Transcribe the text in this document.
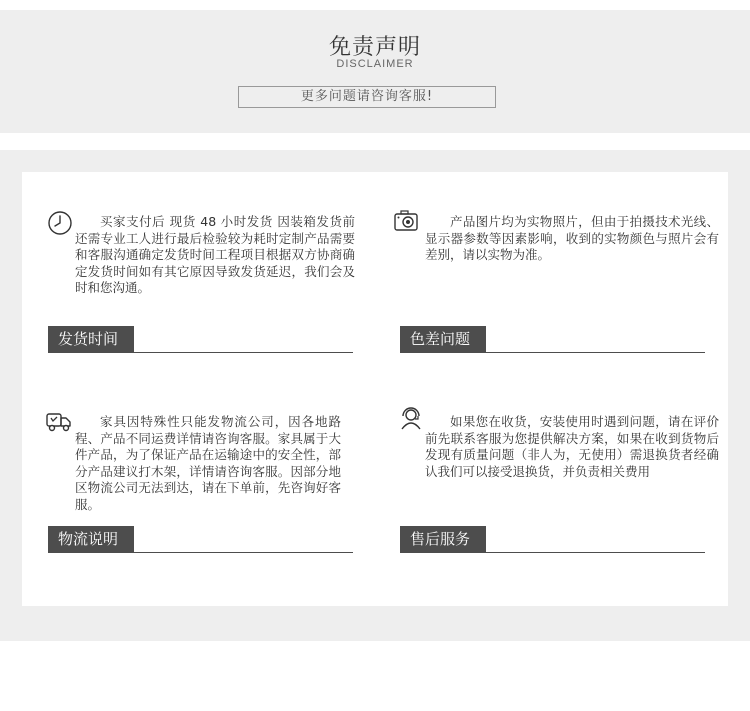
免责声明
DISCLAIMER
更多问题请咨询客服!
买家支付后 现货 48 小时发货 因装箱发货前还需专业工人进行最后检验较为耗时定制产品需要和客服沟通确定发货时间工程项目根据双方协商确定发货时间如有其它原因导致发货延迟，我们会及时和您沟通。
发货时间
产品图片均为实物照片，但由于拍摄技术光线、显示器参数等因素影响，收到的实物颜色与照片会有差别，请以实物为准。
色差问题
家具因特殊性只能发物流公司，因各地路程、产品不同运费详情请咨询客服。家具属于大件产品，为了保证产品在运输途中的安全性，部分产品建议打木架，详情请咨询客服。因部分地区物流公司无法到达，请在下单前，先咨询好客服。
物流说明
如果您在收货，安装使用时遇到问题，请在评价前先联系客服为您提供解决方案，如果在收到货物后发现有质量问题（非人为，无使用）需退换货者经确认我们可以接受退换货，并负责相关费用
售后服务
